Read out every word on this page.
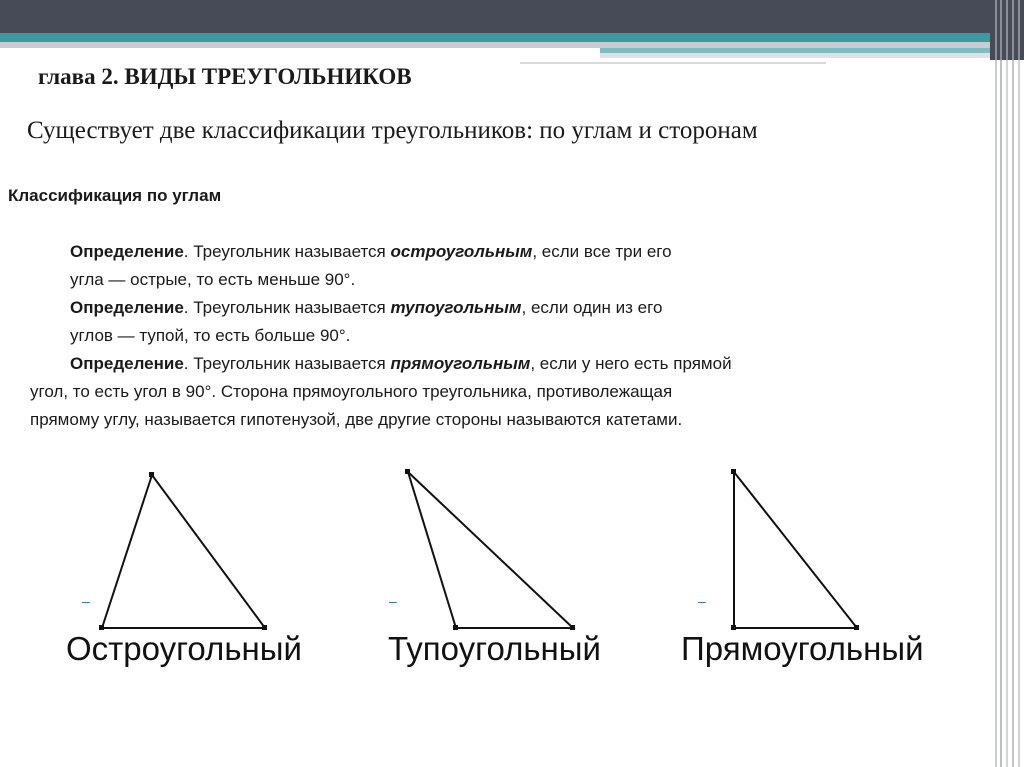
глава 2. ВИДЫ ТРЕУГОЛЬНИКОВ
Существует две классификации треугольников: по углам и сторонам
Классификация по углам
Определение. Треугольник называется остроугольным, если все три его
угла — острые, то есть меньше 90°.
Определение. Треугольник называется тупоугольным, если один из его
углов — тупой, то есть больше 90°.
Определение. Треугольник называется прямоугольным, если у него есть прямой
угол, то есть угол в 90°. Сторона прямоугольного треугольника, противолежащая
прямому углу, называется гипотенузой, две другие стороны называются катетами.
–	–	–
Остроугольный	Тупоугольный Прямоугольный
